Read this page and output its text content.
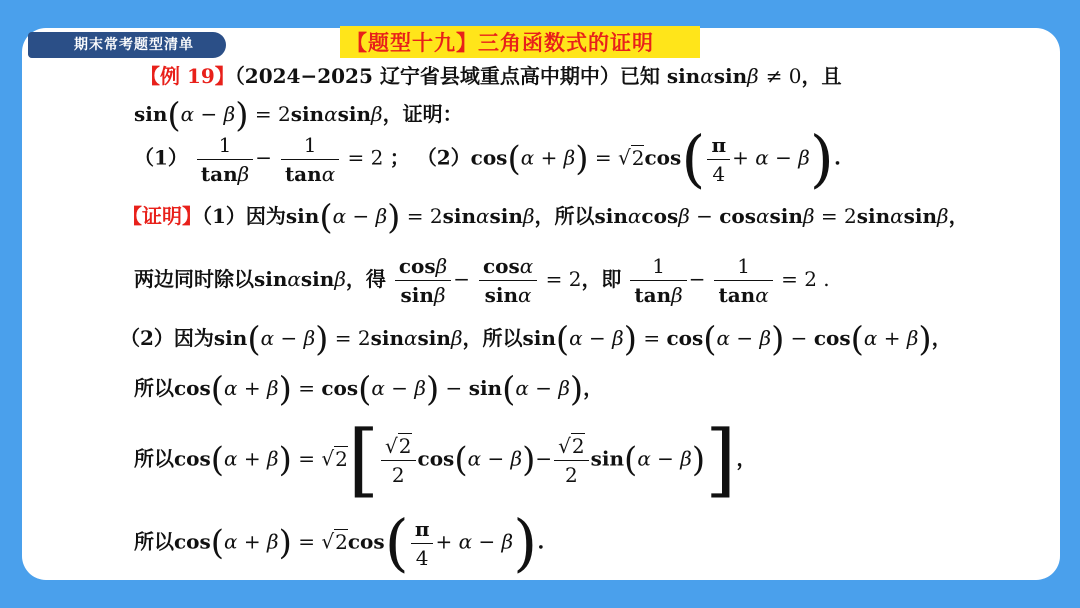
期末常考题型清单	【题型十九】三角函数式的证明
【例 19】（2024−2025 辽宁省县域重点高中期中）已知 sinαsinβ ≠ 0，且
sin(α − β) = 2sinαsinβ，证明：
$(1) \frac{1}{\tan\beta} - \frac{1}{\tan\alpha} = 2$ ； $(2)\cos(\alpha + \beta) = √2\cos( \frac{\pi}{4} + \alpha - \beta)$.
【证明】（1）因为sin(α − β) = 2sinαsinβ，所以sinαcosβ − cosαsinβ = 2sinαsinβ，
两边同时除以sinαsinβ，得 $\frac{\cos\beta}{\sin\beta} - \frac{\cos\alpha}{\sin\alpha} = 2$，即 $\frac{1}{\tan\beta} - \frac{1}{\tan\alpha} = 2$ .
（2）因为sin(α − β) = 2sinαsinβ，所以sin(α − β) = cos(α − β) − cos(α + β)，
所以cos(α + β) = cos(α − β) − sin(α − β)，
所以$\cos(\alpha + \beta) = √2[ \frac{√2}{2} \cos(\alpha - \beta)- \frac{√2}{2} \sin(\alpha - \beta)]$，
所以$\cos(\alpha + \beta) = √2\cos( \frac{\pi}{4} + \alpha - \beta)$.
